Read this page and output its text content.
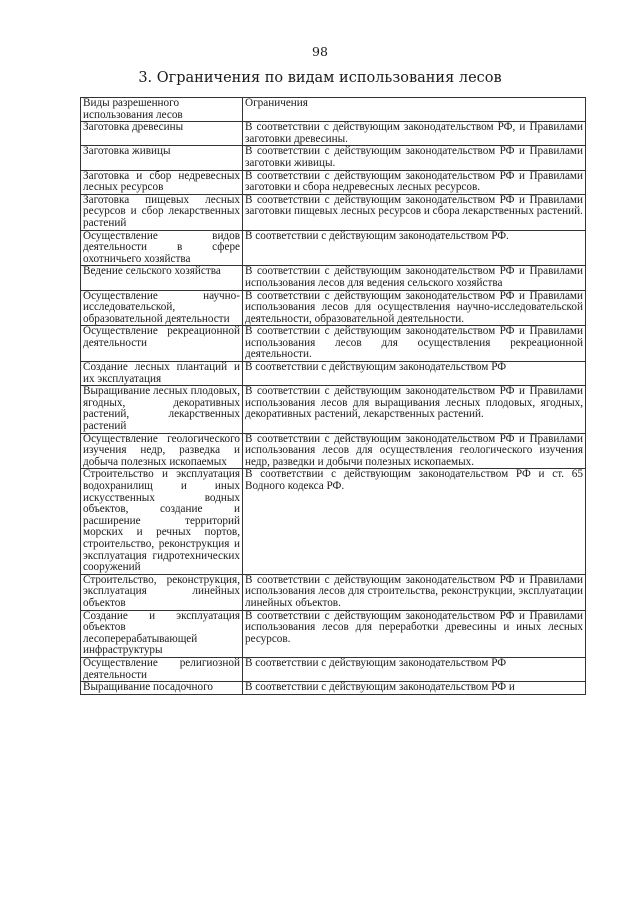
98
3. Ограничения по видам использования лесов
Виды разрешенного использования лесов	Ограничения
Заготовка древесины	В соответствии с действующим законодательством РФ, и Правилами заготовки древесины.
Заготовка живицы	В соответствии с действующим законодательством РФ и Правилами заготовки живицы.
Заготовка и сбор недревесных лесных ресурсов	В соответствии с действующим законодательством РФ и Правилами заготовки и сбора недревесных лесных ресурсов.
Заготовка пищевых лесных ресурсов и сбор лекарственных растений	В соответствии с действующим законодательством РФ и Правилами заготовки пищевых лесных ресурсов и сбора лекарственных растений.
Осуществление видов деятельности в сфере охотничьего хозяйства	В соответствии с действующим законодательством РФ.
Ведение сельского хозяйства	В соответствии с действующим законодательством РФ и Правилами использования лесов для ведения сельского хозяйства
Осуществление научно-исследовательской, образовательной деятельности	В соответствии с действующим законодательством РФ и Правилами использования лесов для осуществления научно-исследовательской деятельности, образовательной деятельности.
Осуществление рекреационной деятельности	В соответствии с действующим законодательством РФ и Правилами использования лесов для осуществления рекреационной деятельности.
Создание лесных плантаций и их эксплуатация	В соответствии с действующим законодательством РФ
Выращивание лесных плодовых, ягодных, декоративных растений, лекарственных растений	В соответствии с действующим законодательством РФ и Правилами использования лесов для выращивания лесных плодовых, ягодных, декоративных растений, лекарственных растений.
Осуществление геологического изучения недр, разведка и добыча полезных ископаемых	В соответствии с действующим законодательством РФ и Правилами использования лесов для осуществления геологического изучения недр, разведки и добычи полезных ископаемых.
Строительство и эксплуатация водохранилищ и иных искусственных водных объектов, создание и расширение территорий морских и речных портов, строительство, реконструкция и эксплуатация гидротехнических сооружений	В соответствии с действующим законодательством РФ и ст. 65 Водного кодекса РФ.
Строительство, реконструкция, эксплуатация линейных объектов	В соответствии с действующим законодательством РФ и Правилами использования лесов для строительства, реконструкции, эксплуатации линейных объектов.
Создание и эксплуатация объектов лесоперерабатывающей инфраструктуры	В соответствии с действующим законодательством РФ и Правилами использования лесов для переработки древесины и иных лесных ресурсов.
Осуществление религиозной деятельности	В соответствии с действующим законодательством РФ
Выращивание посадочного	В соответствии с действующим законодательством РФ и
